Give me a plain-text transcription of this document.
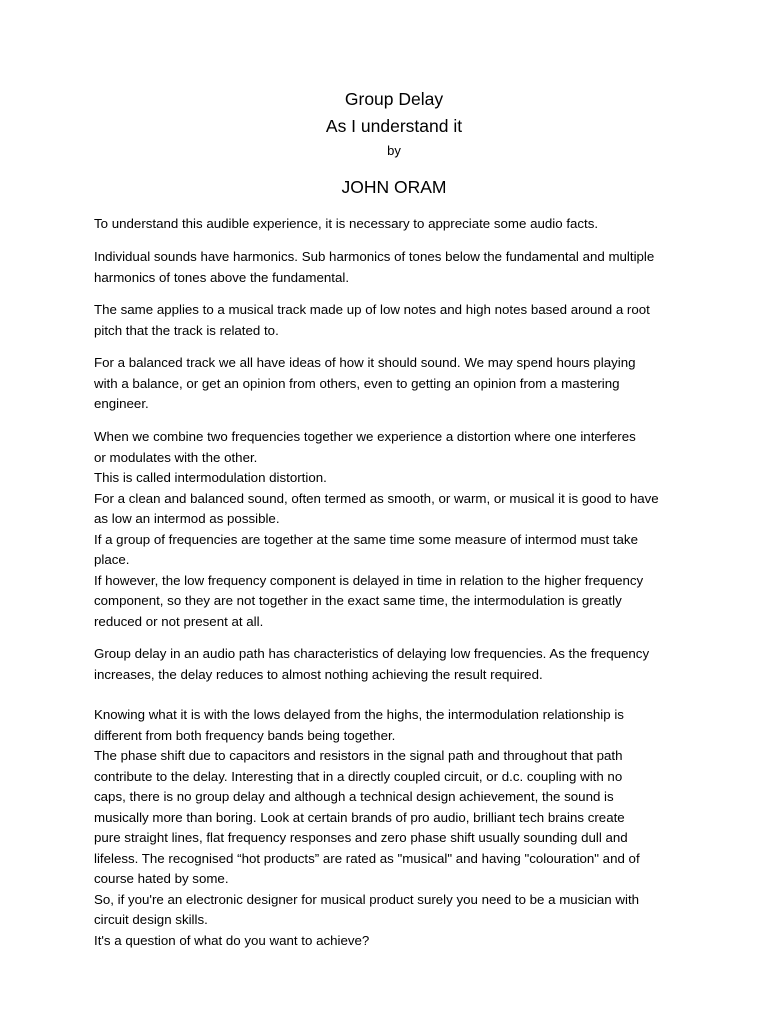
Group Delay
As I understand it
by
JOHN ORAM
To understand this audible experience, it is necessary to appreciate some audio facts.
Individual sounds have harmonics. Sub harmonics of tones below the fundamental and multiple
harmonics of tones above the fundamental.
The same applies to a musical track made up of low notes and high notes based around a root
pitch that the track is related to.
For a balanced track we all have ideas of how it should sound. We may spend hours playing
with a balance, or get an opinion from others, even to getting an opinion from a mastering
engineer.
When we combine two frequencies together we experience a distortion where one interferes
or modulates with the other.
This is called intermodulation distortion.
For a clean and balanced sound, often termed as smooth, or warm, or musical it is good to have
as low an intermod as possible.
If a group of frequencies are together at the same time some measure of intermod must take
place.
If however, the low frequency component is delayed in time in relation to the higher frequency
component, so they are not together in the exact same time, the intermodulation is greatly
reduced or not present at all.
Group delay in an audio path has characteristics of delaying low frequencies. As the frequency
increases, the delay reduces to almost nothing achieving the result required.
Knowing what it is with the lows delayed from the highs, the intermodulation relationship is
different from both frequency bands being together.
The phase shift due to capacitors and resistors in the signal path and throughout that path
contribute to the delay. Interesting that in a directly coupled circuit, or d.c. coupling with no
caps, there is no group delay and although a technical design achievement, the sound is
musically more than boring. Look at certain brands of pro audio, brilliant tech brains create
pure straight lines, flat frequency responses and zero phase shift usually sounding dull and
lifeless. The recognised “hot products” are rated as "musical" and having "colouration" and of
course hated by some.
So, if you're an electronic designer for musical product surely you need to be a musician with
circuit design skills.
It's a question of what do you want to achieve?
